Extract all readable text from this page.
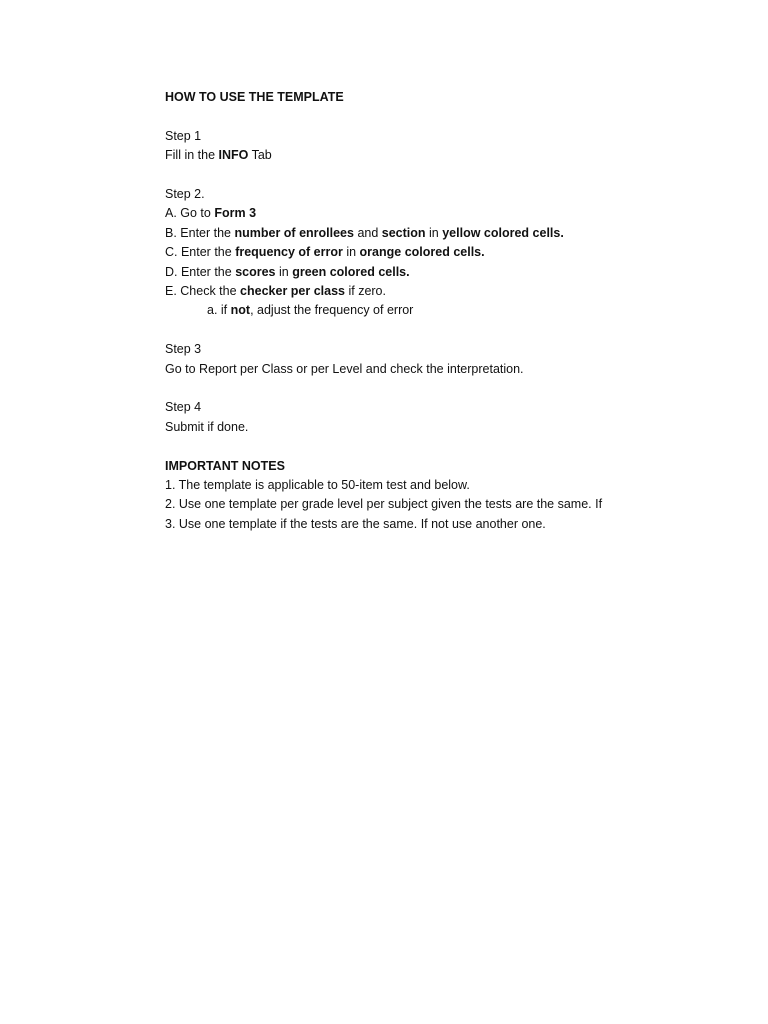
HOW TO USE THE TEMPLATE
Step 1
Fill in the INFO Tab
Step 2.
A. Go to Form 3
B. Enter the number of enrollees and section in yellow colored cells.
C. Enter the frequency of error in orange colored cells.
D. Enter the scores in green colored cells.
E. Check the checker per class if zero.
a. if not, adjust the frequency of error
Step 3
Go to Report per Class or per Level and check the interpretation.
Step 4
Submit if done.
IMPORTANT NOTES
1. The template is applicable to 50-item test and below.
2. Use one template per grade level per subject given the tests are the same. If
3. Use one template if the tests are the same. If not use another one.
